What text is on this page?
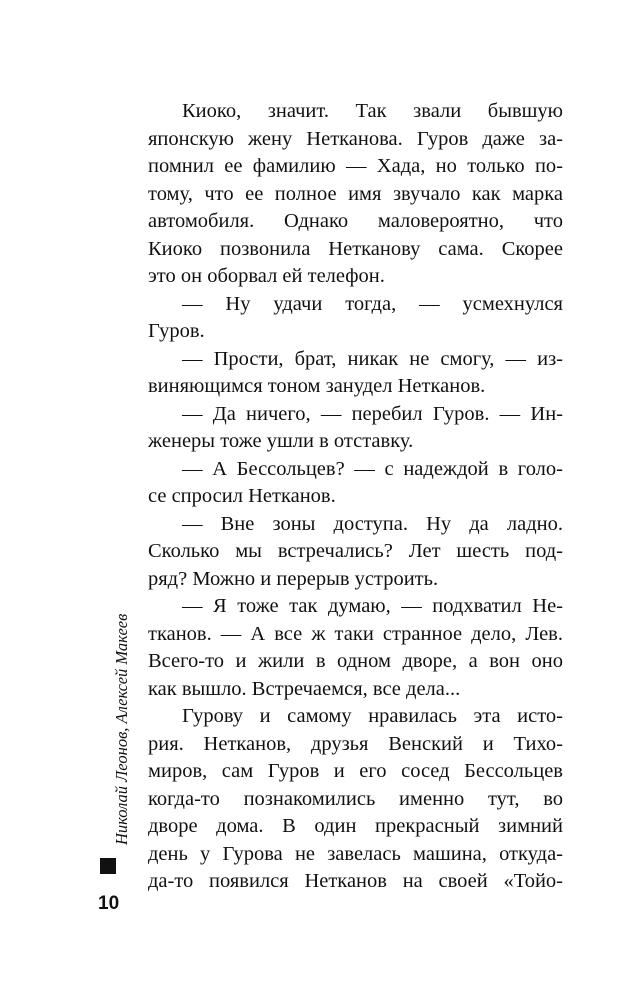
Киоко, значит. Так звали бывшую
японскую жену Нетканова. Гуров даже за-
помнил ее фамилию — Хада, но только по-
тому, что ее полное имя звучало как марка
автомобиля. Однако маловероятно, что
Киоко позвонила Нетканову сама. Скорее
это он оборвал ей телефон.
— Ну удачи тогда, — усмехнулся
Гуров.
— Прости, брат, никак не смогу, — из-
виняющимся тоном занудел Нетканов.
— Да ничего, — перебил Гуров. — Ин-
женеры тоже ушли в отставку.
— А Бессольцев? — с надеждой в голо-
се спросил Нетканов.
— Вне зоны доступа. Ну да ладно.
Сколько мы встречались? Лет шесть под-
ряд? Можно и перерыв устроить.
— Я тоже так думаю, — подхватил Не-
тканов. — А все ж таки странное дело, Лев.
Всего-то и жили в одном дворе, а вон оно
как вышло. Встречаемся, все дела...
Гурову и самому нравилась эта исто-
рия. Нетканов, друзья Венский и Тихо-
миров, сам Гуров и его сосед Бессольцев
когда-то познакомились именно тут, во
дворе дома. В один прекрасный зимний
день у Гурова не завелась машина, откуда-
да-то появился Нетканов на своей «Тойо-
Николай Леонов, Алексей Макеев
10
